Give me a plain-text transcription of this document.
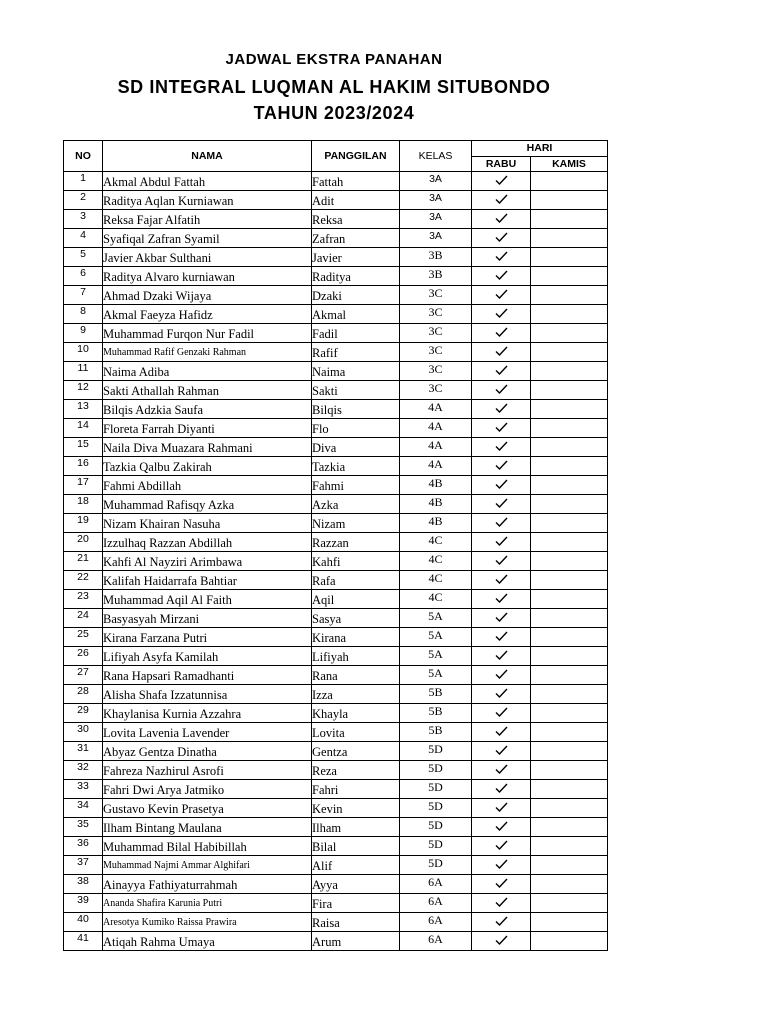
JADWAL EKSTRA PANAHAN
SD INTEGRAL LUQMAN AL HAKIM SITUBONDO
TAHUN 2023/2024
NO	NAMA	PANGGILAN	KELAS	HARI	
				RABU	KAMIS
1	Akmal Abdul Fattah	Fattah	3A		
2	Raditya Aqlan Kurniawan	Adit	3A		
3	Reksa Fajar Alfatih	Reksa	3A		
4	Syafiqal Zafran Syamil	Zafran	3A		
5	Javier Akbar Sulthani	Javier	3B		
6	Raditya Alvaro kurniawan	Raditya	3B		
7	Ahmad Dzaki Wijaya	Dzaki	3C		
8	Akmal Faeyza Hafidz	Akmal	3C		
9	Muhammad Furqon Nur Fadil	Fadil	3C		
10	Muhammad Rafif Genzaki Rahman	Rafif	3C		
11	Naima Adiba	Naima	3C		
12	Sakti Athallah Rahman	Sakti	3C		
13	Bilqis Adzkia Saufa	Bilqis	4A		
14	Floreta Farrah Diyanti	Flo	4A		
15	Naila Diva Muazara Rahmani	Diva	4A		
16	Tazkia Qalbu Zakirah	Tazkia	4A		
17	Fahmi Abdillah	Fahmi	4B		
18	Muhammad Rafisqy Azka	Azka	4B		
19	Nizam Khairan Nasuha	Nizam	4B		
20	Izzulhaq Razzan Abdillah	Razzan	4C		
21	Kahfi Al Nayziri Arimbawa	Kahfi	4C		
22	Kalifah Haidarrafa Bahtiar	Rafa	4C		
23	Muhammad Aqil Al Faith	Aqil	4C		
24	Basyasyah Mirzani	Sasya	5A		
25	Kirana Farzana Putri	Kirana	5A		
26	Lifiyah Asyfa Kamilah	Lifiyah	5A		
27	Rana Hapsari Ramadhanti	Rana	5A		
28	Alisha Shafa Izzatunnisa	Izza	5B		
29	Khaylanisa Kurnia Azzahra	Khayla	5B		
30	Lovita Lavenia Lavender	Lovita	5B		
31	Abyaz Gentza Dinatha	Gentza	5D		
32	Fahreza Nazhirul Asrofi	Reza	5D		
33	Fahri Dwi Arya Jatmiko	Fahri	5D		
34	Gustavo Kevin Prasetya	Kevin	5D		
35	Ilham Bintang Maulana	Ilham	5D		
36	Muhammad Bilal Habibillah	Bilal	5D		
37	Muhammad Najmi Ammar Alghifari	Alif	5D		
38	Ainayya Fathiyaturrahmah	Ayya	6A		
39	Ananda Shafira Karunia Putri	Fira	6A		
40	Aresotya Kumiko Raissa Prawira	Raisa	6A		
41	Atiqah Rahma Umaya	Arum	6A		
